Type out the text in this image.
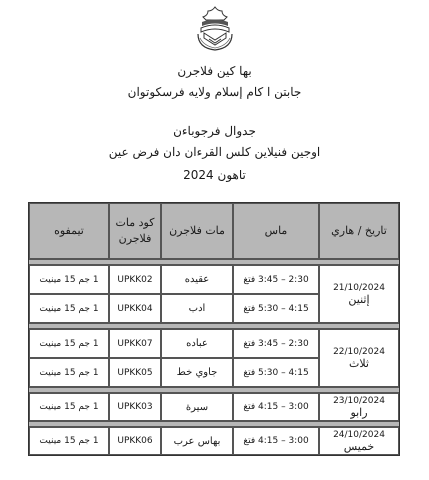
بها كين فلاجرن
جابتن ا كام إسلام ولايه فرسكوتوان
جدوال فرجوباءن
اوجين فنيلاين كلس القرءان دان فرض عين
تاهون 2024
تيمفوه	كود مات فلاجرن	مات فلاجرن	ماس	تاريخ / هاري

1 جم 15 مينيت	UPKK02	عقيده	2:30 – 3:45 فتغ	21/10/2024
إثنين

1 جم 15 مينيت	UPKK04	ادب	4:15 – 5:30 فتغ	

1 جم 15 مينيت	UPKK07	عباده	2:30 – 3:45 فتغ	22/10/2024
ثلاث

1 جم 15 مينيت	UPKK05	جاوي خط	4:15 – 5:30 فتغ	

1 جم 15 مينيت	UPKK03	سيرة	3:00 – 4:15 فتغ	23/10/2024
رابو

1 جم 15 مينيت	UPKK06	بهاس عرب	3:00 – 4:15 فتغ	24/10/2024
خميس
